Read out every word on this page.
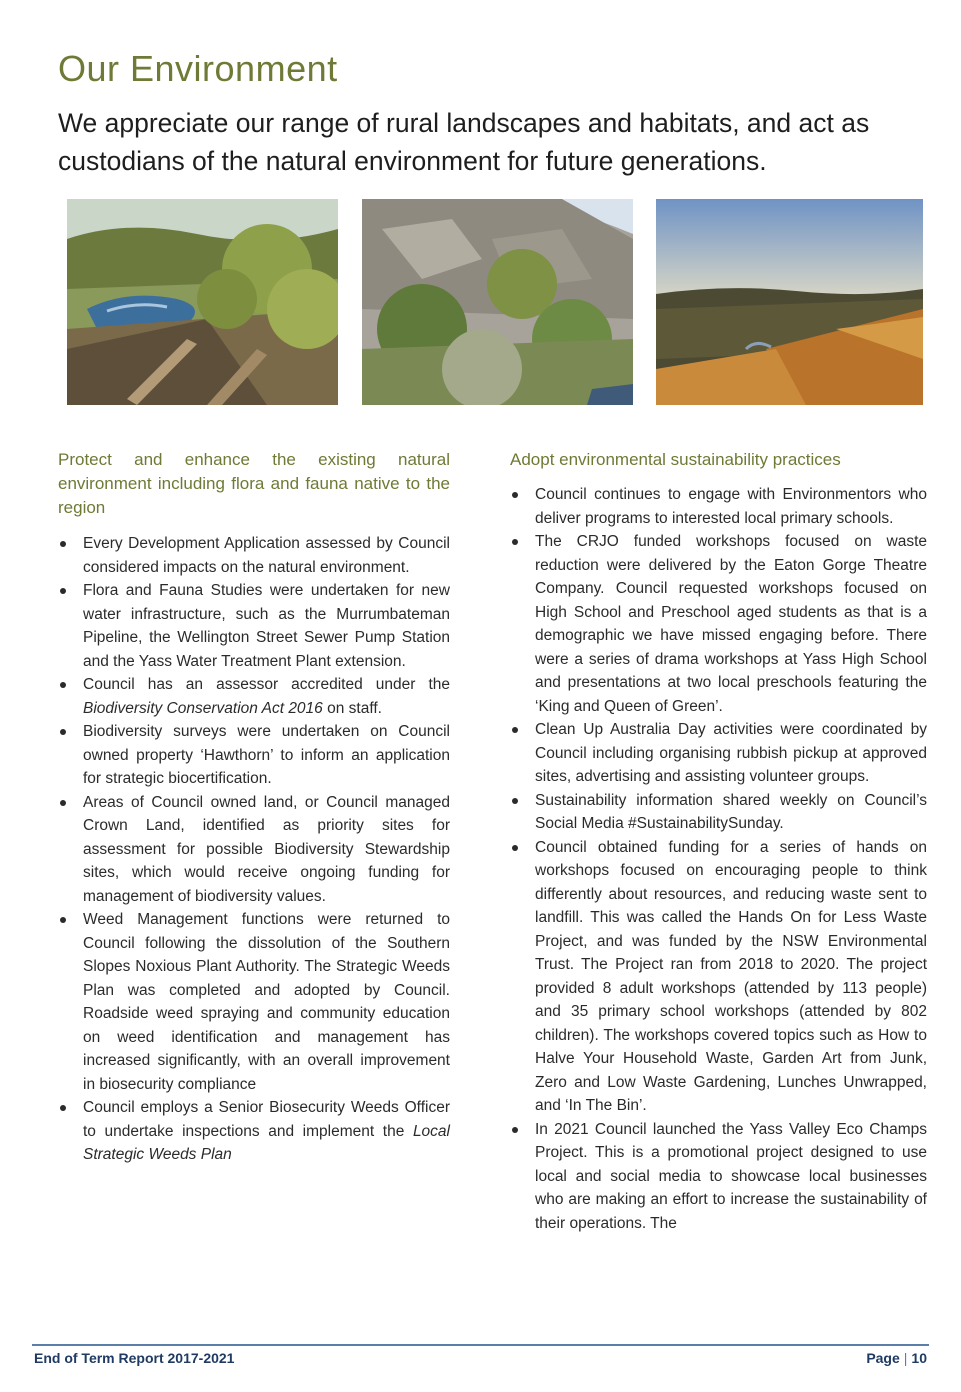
Our Environment

We appreciate our range of rural landscapes and habitats, and act as custodians of the natural environment for future generations.

Protect and enhance the existing natural environment including flora and fauna native to the region
Every Development Application assessed by Council considered impacts on the natural environment.
Flora and Fauna Studies were undertaken for new water infrastructure, such as the Murrumbateman Pipeline, the Wellington Street Sewer Pump Station and the Yass Water Treatment Plant extension.
Council has an assessor accredited under the Biodiversity Conservation Act 2016 on staff.
Biodiversity surveys were undertaken on Council owned property ‘Hawthorn’ to inform an application for strategic biocertification.
Areas of Council owned land, or Council managed Crown Land, identified as priority sites for assessment for possible Biodiversity Stewardship sites, which would receive ongoing funding for management of biodiversity values.
Weed Management functions were returned to Council following the dissolution of the Southern Slopes Noxious Plant Authority. The Strategic Weeds Plan was completed and adopted by Council. Roadside weed spraying and community education on weed identification and management has increased significantly, with an overall improvement in biosecurity compliance
Council employs a Senior Biosecurity Weeds Officer to undertake inspections and implement the Local Strategic Weeds Plan
Adopt environmental sustainability practices
Council continues to engage with Environmentors who deliver programs to interested local primary schools.
The CRJO funded workshops focused on waste reduction were delivered by the Eaton Gorge Theatre Company. Council requested workshops focused on High School and Preschool aged students as that is a demographic we have missed engaging before. There were a series of drama workshops at Yass High School and presentations at two local preschools featuring the ‘King and Queen of Green’.
Clean Up Australia Day activities were coordinated by Council including organising rubbish pickup at approved sites, advertising and assisting volunteer groups.
Sustainability information shared weekly on Council’s Social Media #SustainabilitySunday.
Council obtained funding for a series of hands on workshops focused on encouraging people to think differently about resources, and reducing waste sent to landfill. This was called the Hands On for Less Waste Project, and was funded by the NSW Environmental Trust. The Project ran from 2018 to 2020. The project provided 8 adult workshops (attended by 113 people) and 35 primary school workshops (attended by 802 children). The workshops covered topics such as How to Halve Your Household Waste, Garden Art from Junk, Zero and Low Waste Gardening, Lunches Unwrapped, and ‘In The Bin’.
In 2021 Council launched the Yass Valley Eco Champs Project. This is a promotional project designed to use local and social media to showcase local businesses who are making an effort to increase the sustainability of their operations. The
End of Term Report 2017-2021	Page | 10
